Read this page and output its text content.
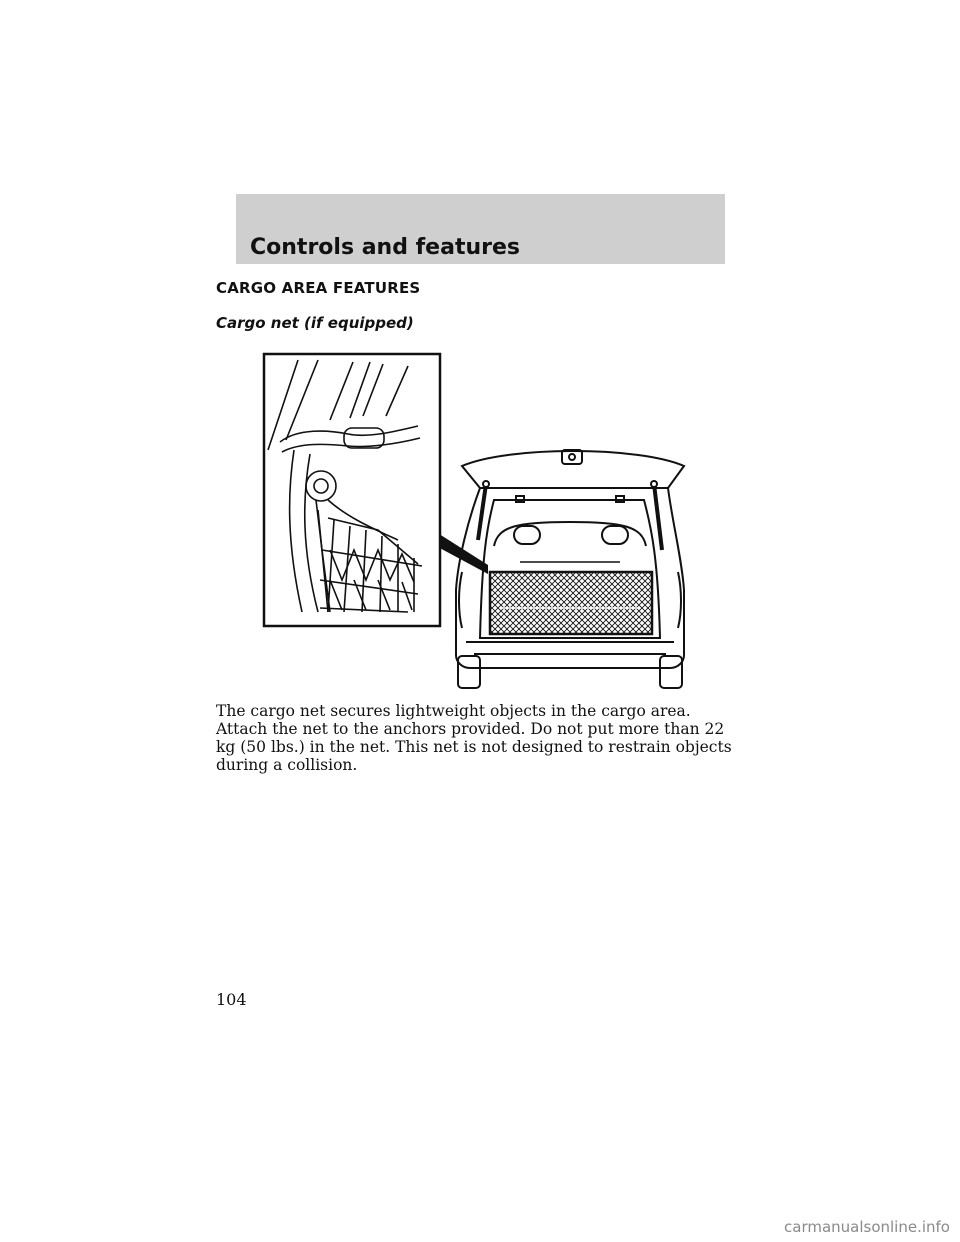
Controls and features
CARGO AREA FEATURES
Cargo net (if equipped)

The cargo net secures lightweight objects in the cargo area. Attach the net to the anchors provided. Do not put more than 22 kg (50 lbs.) in the net. This net is not designed to restrain objects during a collision.

104

carmanualsonline.info
